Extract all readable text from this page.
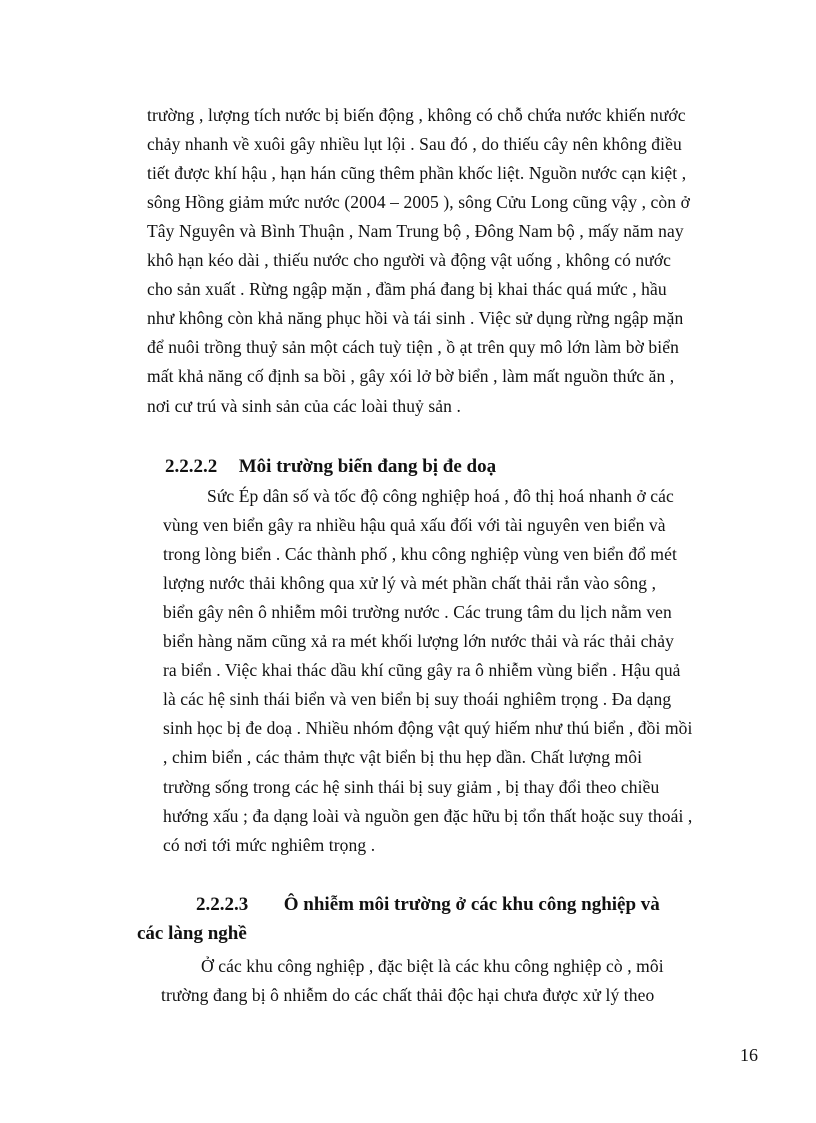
trường , lượng tích nước bị biến động , không có chỗ chứa nước khiến nước
chảy nhanh về xuôi gây nhiều lụt lội . Sau đó , do thiếu cây nên không điều
tiết được khí hậu , hạn hán cũng thêm phần khốc liệt. Nguồn nước cạn kiệt ,
sông Hồng giảm mức nước (2004 – 2005 ), sông Cửu Long cũng vậy , còn ở
Tây Nguyên và Bình Thuận , Nam Trung bộ , Đông Nam bộ , mấy năm nay
khô hạn kéo dài , thiếu nước cho người và động vật uống , không có nước
cho sản xuất . Rừng ngập mặn , đầm phá đang bị khai thác quá mức , hầu
như không còn khả năng phục hồi và tái sinh . Việc sử dụng rừng ngập mặn
để nuôi trồng thuỷ sản một cách tuỳ tiện , ồ ạt trên quy mô lớn làm bờ biển
mất khả năng cố định sa bồi , gây xói lở bờ biển , làm mất nguồn thức ăn ,
nơi cư trú và sinh sản của các loài thuỷ sản .
2.2.2.2 Môi trường biển đang bị đe doạ
Sức Ép dân số và tốc độ công nghiệp hoá , đô thị hoá nhanh ở các
vùng ven biển gây ra nhiều hậu quả xấu đối với tài nguyên ven biển và
trong lòng biển . Các thành phố , khu công nghiệp vùng ven biển đổ mét
lượng nước thải không qua xử lý và mét phần chất thải rắn vào sông ,
biển gây nên ô nhiễm môi trường nước . Các trung tâm du lịch nằm ven
biển hàng năm cũng xả ra mét khối lượng lớn nước thải và rác thải chảy
ra biển . Việc khai thác dầu khí cũng gây ra ô nhiễm vùng biển . Hậu quả
là các hệ sinh thái biển và ven biển bị suy thoái nghiêm trọng . Đa dạng
sinh học bị đe doạ . Nhiều nhóm động vật quý hiếm như thú biển , đồi mồi
, chim biển , các thảm thực vật biển bị thu hẹp dần. Chất lượng môi
trường sống trong các hệ sinh thái bị suy giảm , bị thay đổi theo chiều
hướng xấu ; đa dạng loài và nguồn gen đặc hữu bị tổn thất hoặc suy thoái ,
có nơi tới mức nghiêm trọng .
2.2.2.3 Ô nhiễm môi trường ở các khu công nghiệp và
các làng nghề
Ở các khu công nghiệp , đặc biệt là các khu công nghiệp cò , môi
trường đang bị ô nhiễm do các chất thải độc hại chưa được xử lý theo
16
